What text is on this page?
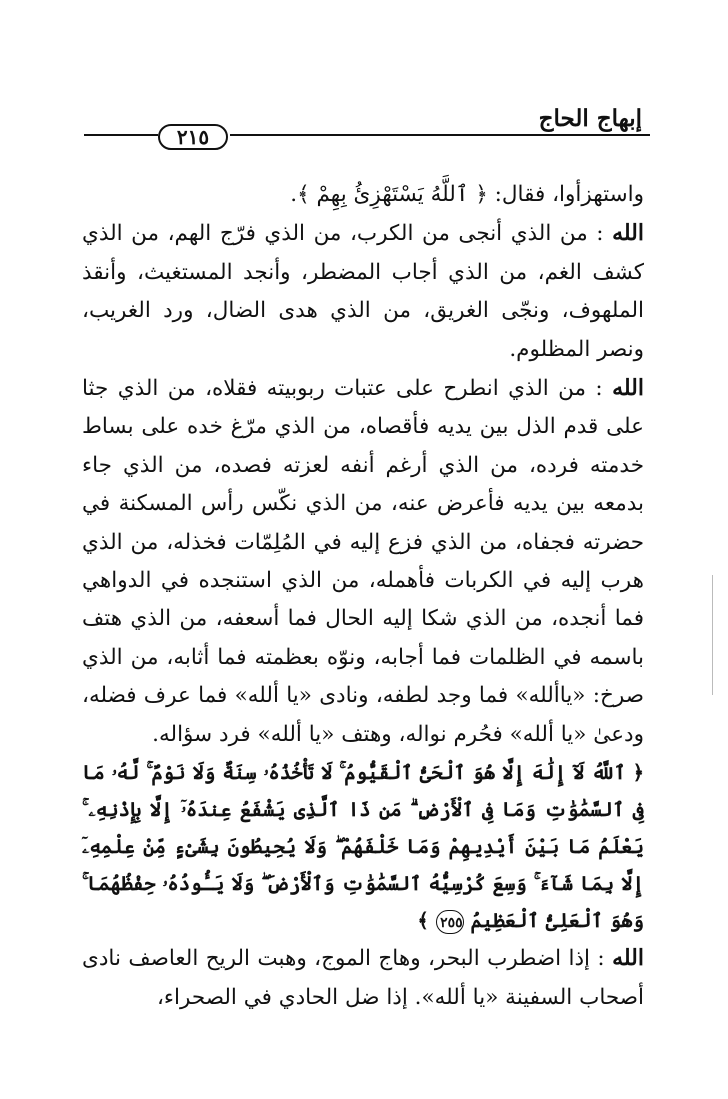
إبهاج الحاج
٢١٥

واستهزأوا، فقال: ﴿ ٱللَّهُ يَسْتَهْزِئُ بِهِمْ ﴾.

الله : من الذي أنجى من الكرب، من الذي فرّج الهم، من الذي كشف الغم، من الذي أجاب المضطر، وأنجد المستغيث، وأنقذ الملهوف، ونجّى الغريق، من الذي هدى الضال، ورد الغريب، ونصر المظلوم.

الله : من الذي انطرح على عتبات ربوبيته فقلاه، من الذي جثا على قدم الذل بين يديه فأقصاه، من الذي مرّغ خده على بساط خدمته فرده، من الذي أرغم أنفه لعزته فصده، من الذي جاء بدمعه بين يديه فأعرض عنه، من الذي نكّس رأس المسكنة في حضرته فجفاه، من الذي فزع إليه في المُلِمّات فخذله، من الذي هرب إليه في الكربات فأهمله، من الذي استنجده في الدواهي فما أنجده، من الذي شكا إليه الحال فما أسعفه، من الذي هتف باسمه في الظلمات فما أجابه، ونوّه بعظمته فما أثابه، من الذي صرخ: «ياألله» فما وجد لطفه، ونادى «يا ألله» فما عرف فضله، ودعىٰ «يا ألله» فحُرم نواله، وهتف «يا ألله» فرد سؤاله.

﴿ ٱللَّهُ لَآ إِلَٰهَ إِلَّا هُوَ ٱلْحَىُّ ٱلْقَيُّومُ ۚ لَا تَأْخُذُهُۥ سِنَةٌ وَلَا نَوْمٌ ۚ لَّهُۥ مَا فِى ٱلسَّمَٰوَٰتِ وَمَا فِى ٱلْأَرْضِ ۗ مَن ذَا ٱلَّذِى يَشْفَعُ عِندَهُۥٓ إِلَّا بِإِذْنِهِۦ ۚ يَعْلَمُ مَا بَيْنَ أَيْدِيهِمْ وَمَا خَلْفَهُمْ ۖ وَلَا يُحِيطُونَ بِشَىْءٍ مِّنْ عِلْمِهِۦٓ إِلَّا بِمَا شَآءَ ۚ وَسِعَ كُرْسِيُّهُ ٱلسَّمَٰوَٰتِ وَٱلْأَرْضَ ۖ وَلَا يَـُٔودُهُۥ حِفْظُهُمَا ۚ وَهُوَ ٱلْعَلِىُّ ٱلْعَظِيمُ ٢٥٥ ﴾

الله : إذا اضطرب البحر، وهاج الموج، وهبت الريح العاصف نادى أصحاب السفينة «يا ألله». إذا ضل الحادي في الصحراء،
